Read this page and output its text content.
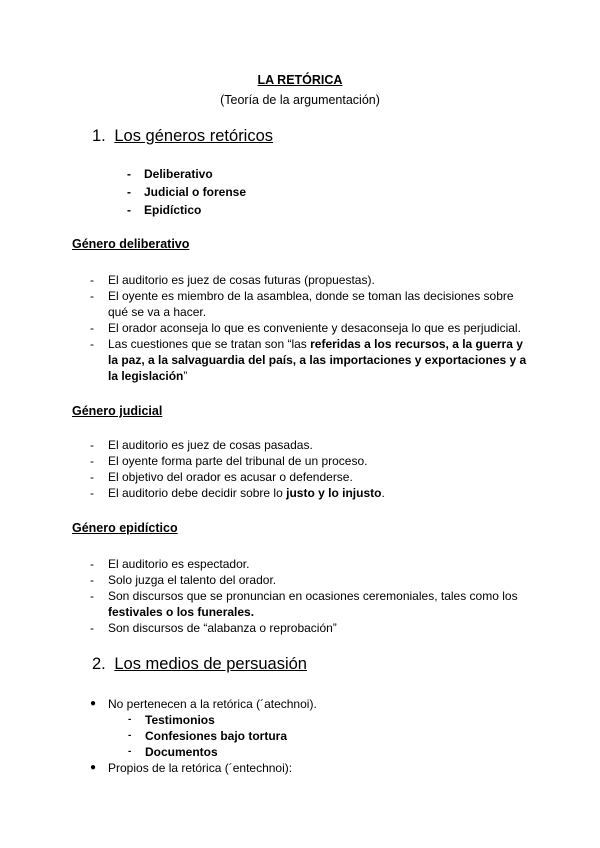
LA RETÓRICA
(Teoría de la argumentación)
1. Los géneros retóricos
- Deliberativo
- Judicial o forense
- Epidíctico
Género deliberativo
- El auditorio es juez de cosas futuras (propuestas).
- El oyente es miembro de la asamblea, donde se toman las decisiones sobre qué se va a hacer.
- El orador aconseja lo que es conveniente y desaconseja lo que es perjudicial.
- Las cuestiones que se tratan son “las referidas a los recursos, a la guerra y la paz, a la salvaguardia del país, a las importaciones y exportaciones y a la legislación”
Género judicial
- El auditorio es juez de cosas pasadas.
- El oyente forma parte del tribunal de un proceso.
- El objetivo del orador es acusar o defenderse.
- El auditorio debe decidir sobre lo justo y lo injusto.
Género epidíctico
- El auditorio es espectador.
- Solo juzga el talento del orador.
- Son discursos que se pronuncian en ocasiones ceremoniales, tales como los festivales o los funerales.
- Son discursos de “alabanza o reprobación”
2. Los medios de persuasión
● No pertenecen a la retórica (´atechnoi).
- Testimonios
- Confesiones bajo tortura
- Documentos
● Propios de la retórica (´entechnoi):
